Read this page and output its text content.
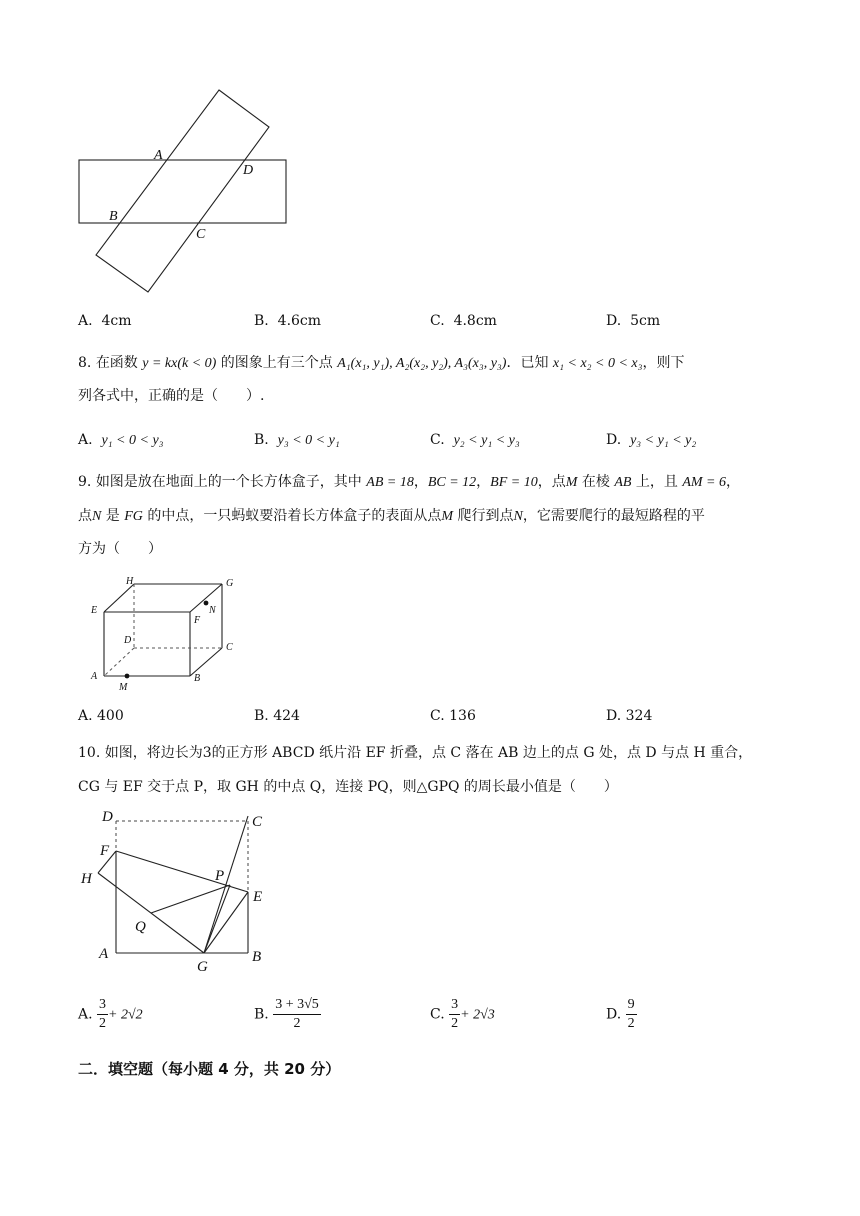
A
D
B
C
A. 4cm	B. 4.6cm	C. 4.8cm	D. 5cm
8. 在函数 y = kx(k < 0) 的图象上有三个点 A₁(x₁, y₁), A₂(x₂, y₂), A₃(x₃, y₃)．已知 x₁ < x₂ < 0 < x₃，则下
列各式中，正确的是（　　）.
A. y₁ < 0 < y₃	B. y₃ < 0 < y₁	C. y₂ < y₁ < y₃	D. y₃ < y₁ < y₂
9. 如图是放在地面上的一个长方体盒子，其中 AB = 18，BC = 12，BF = 10，点M 在棱 AB 上，且 AM = 6，
点N 是 FG 的中点，一只蚂蚁要沿着长方体盒子的表面从点M 爬行到点N，它需要爬行的最短路程的平
方为（　　）
H	G
E	N
F
D
C
A
M
B
A. 400	B. 424	C. 136	D. 324
10. 如图，将边长为3的正方形 ABCD 纸片沿 EF 折叠，点 C 落在 AB 边上的点 G 处，点 D 与点 H 重合，
CG 与 EF 交于点 P，取 GH 的中点 Q，连接 PQ，则△GPQ 的周长最小值是（　　）
D	C
F
H	P
E
Q
A
G
B
A. $\frac{3}{2} + 2√2$	B. $\frac{3 + 3√5}{2}$	C. $\frac{3}{2} + 2√3$	D. $\frac{9}{2}$
二．填空题（每小题 4 分，共 20 分）
